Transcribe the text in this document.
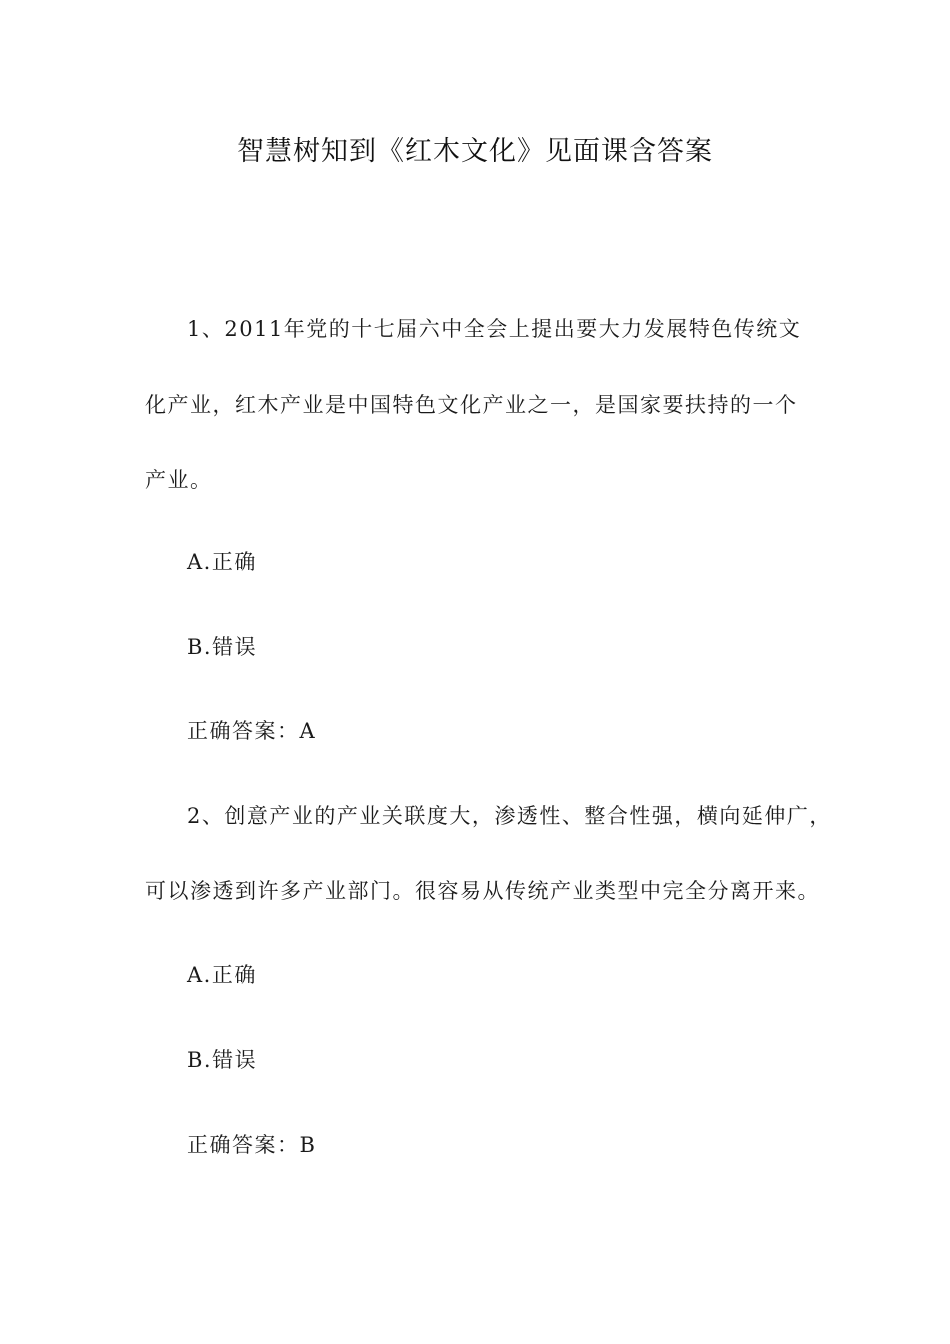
智慧树知到《红木文化》见面课含答案
1、2011年党的十七届六中全会上提出要大力发展特色传统文
化产业，红木产业是中国特色文化产业之一，是国家要扶持的一个
产业。
A.正确
B.错误
正确答案：A
2、创意产业的产业关联度大，渗透性、整合性强，横向延伸广，
可以渗透到许多产业部门。很容易从传统产业类型中完全分离开来。
A.正确
B.错误
正确答案：B
